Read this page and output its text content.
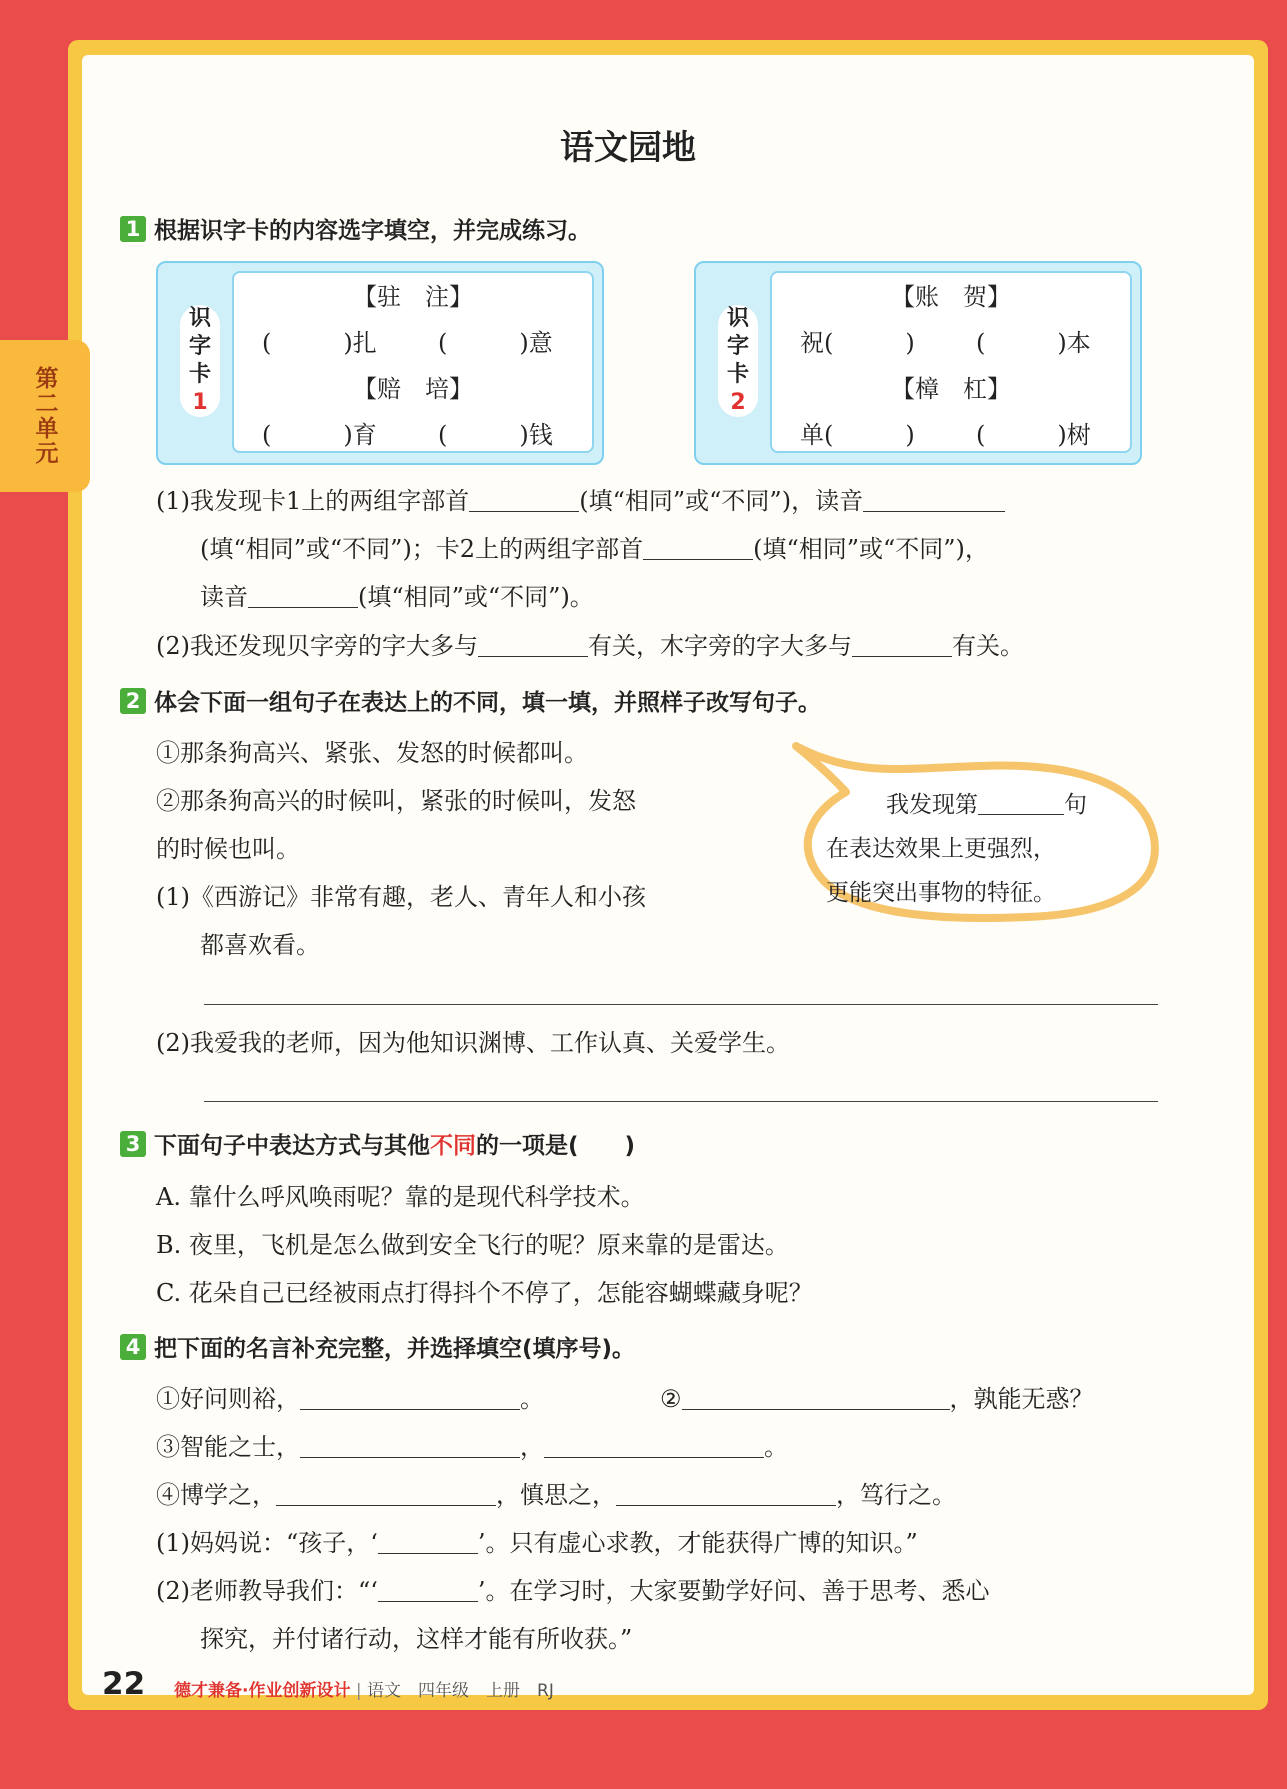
第二单元
语文园地
1 根据识字卡的内容选字填空，并完成练习。
识
字
卡
1
【驻　注】
(　　　)扎	(　　　)意
【赔　培】
(　　　)育	(　　　)钱
识
字
卡
2
【账　贺】
祝(　　　)	(　　　)本
【樟　杠】
单(　　　)	(　　　)树
(1)我发现卡1上的两组字部首	(填“相同”或“不同”)，读音
(填“相同”或“不同”)；卡2上的两组字部首	(填“相同”或“不同”)，
读音	(填“相同”或“不同”)。
(2)我还发现贝字旁的字大多与	有关，木字旁的字大多与	有关。
2 体会下面一组句子在表达上的不同，填一填，并照样子改写句子。
①那条狗高兴、紧张、发怒的时候都叫。
②那条狗高兴的时候叫，紧张的时候叫，发怒
的时候也叫。
(1)《西游记》非常有趣，老人、青年人和小孩
都喜欢看。
(2)我爱我的老师，因为他知识渊博、工作认真、关爱学生。
我发现第	句
在表达效果上更强烈，
更能突出事物的特征。
3 下面句子中表达方式与其他不同的一项是(　　)
A. 靠什么呼风唤雨呢？靠的是现代科学技术。
B. 夜里，飞机是怎么做到安全飞行的呢？原来靠的是雷达。
C. 花朵自己已经被雨点打得抖个不停了，怎能容蝴蝶藏身呢？
4 把下面的名言补充完整，并选择填空(填序号)。
①好问则裕，	。	②	，孰能无惑？
③智能之士，	，	。
④博学之，	，慎思之，	，笃行之。
(1)妈妈说：“孩子，‘	’。只有虚心求教，才能获得广博的知识。”
(2)老师教导我们：“‘	’。在学习时，大家要勤学好问、善于思考、悉心
探究，并付诸行动，这样才能有所收获。”
22 德才兼备·作业创新设计 | 语文　四年级　上册　RJ
